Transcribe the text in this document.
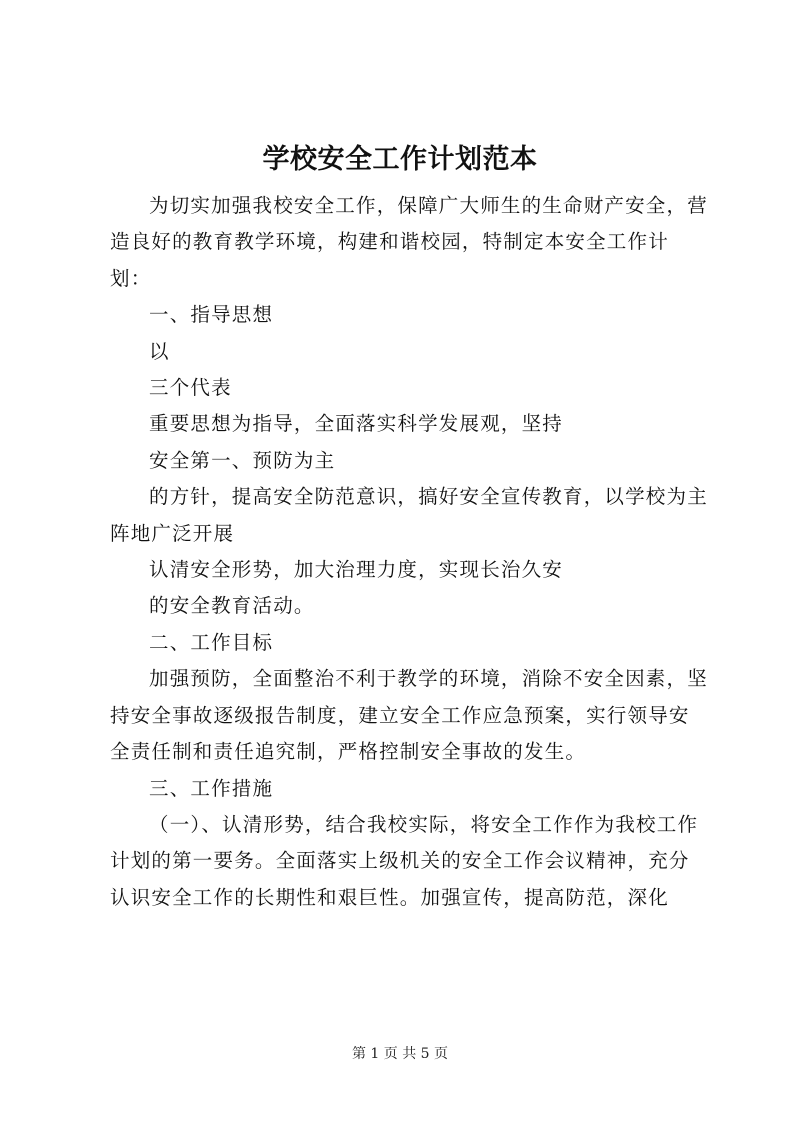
学校安全工作计划范本

为切实加强我校安全工作，保障广大师生的生命财产安全，营造良好的教育教学环境，构建和谐校园，特制定本安全工作计划：

一、指导思想

以

三个代表

重要思想为指导，全面落实科学发展观，坚持

安全第一、预防为主

的方针，提高安全防范意识，搞好安全宣传教育，以学校为主阵地广泛开展

认清安全形势，加大治理力度，实现长治久安

的安全教育活动。

二、工作目标

加强预防，全面整治不利于教学的环境，消除不安全因素，坚持安全事故逐级报告制度，建立安全工作应急预案，实行领导安全责任制和责任追究制，严格控制安全事故的发生。

三、工作措施

（一）、认清形势，结合我校实际，将安全工作作为我校工作计划的第一要务。全面落实上级机关的安全工作会议精神，充分认识安全工作的长期性和艰巨性。加强宣传，提高防范，深化

第 1 页 共 5 页
